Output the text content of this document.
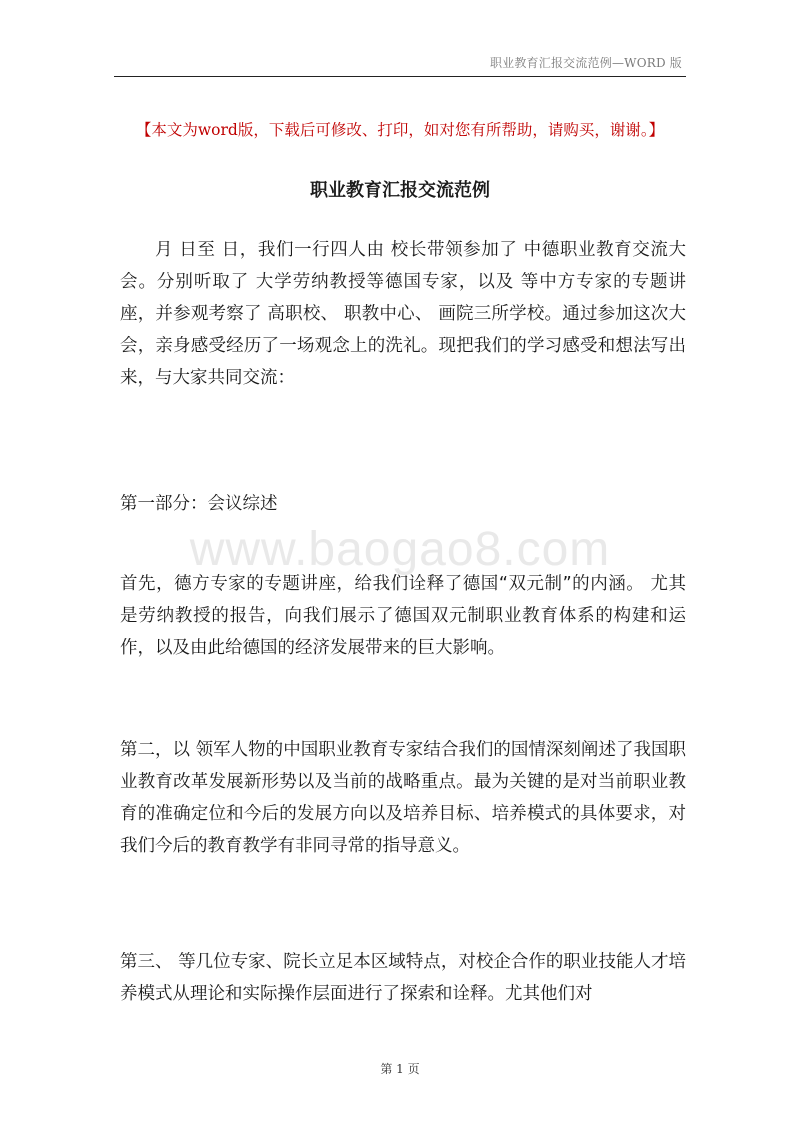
职业教育汇报交流范例—WORD 版
【本文为word版，下载后可修改、打印，如对您有所帮助，请购买，谢谢。】
职业教育汇报交流范例

月 日至 日，我们一行四人由 校长带领参加了 中德职业教育交流大会。分别听取了 大学劳纳教授等德国专家，以及 等中方专家的专题讲座，并参观考察了 高职校、 职教中心、 画院三所学校。通过参加这次大会，亲身感受经历了一场观念上的洗礼。现把我们的学习感受和想法写出来，与大家共同交流：

第一部分：会议综述

www.baogao8.com

首先，德方专家的专题讲座，给我们诠释了德国“双元制”的内涵。 尤其是劳纳教授的报告，向我们展示了德国双元制职业教育体系的构建和运作，以及由此给德国的经济发展带来的巨大影响。

第二，以 领军人物的中国职业教育专家结合我们的国情深刻阐述了我国职业教育改革发展新形势以及当前的战略重点。最为关键的是对当前职业教育的准确定位和今后的发展方向以及培养目标、培养模式的具体要求，对我们今后的教育教学有非同寻常的指导意义。

第三、 等几位专家、院长立足本区域特点，对校企合作的职业技能人才培养模式从理论和实际操作层面进行了探索和诠释。尤其他们对

第 1 页
